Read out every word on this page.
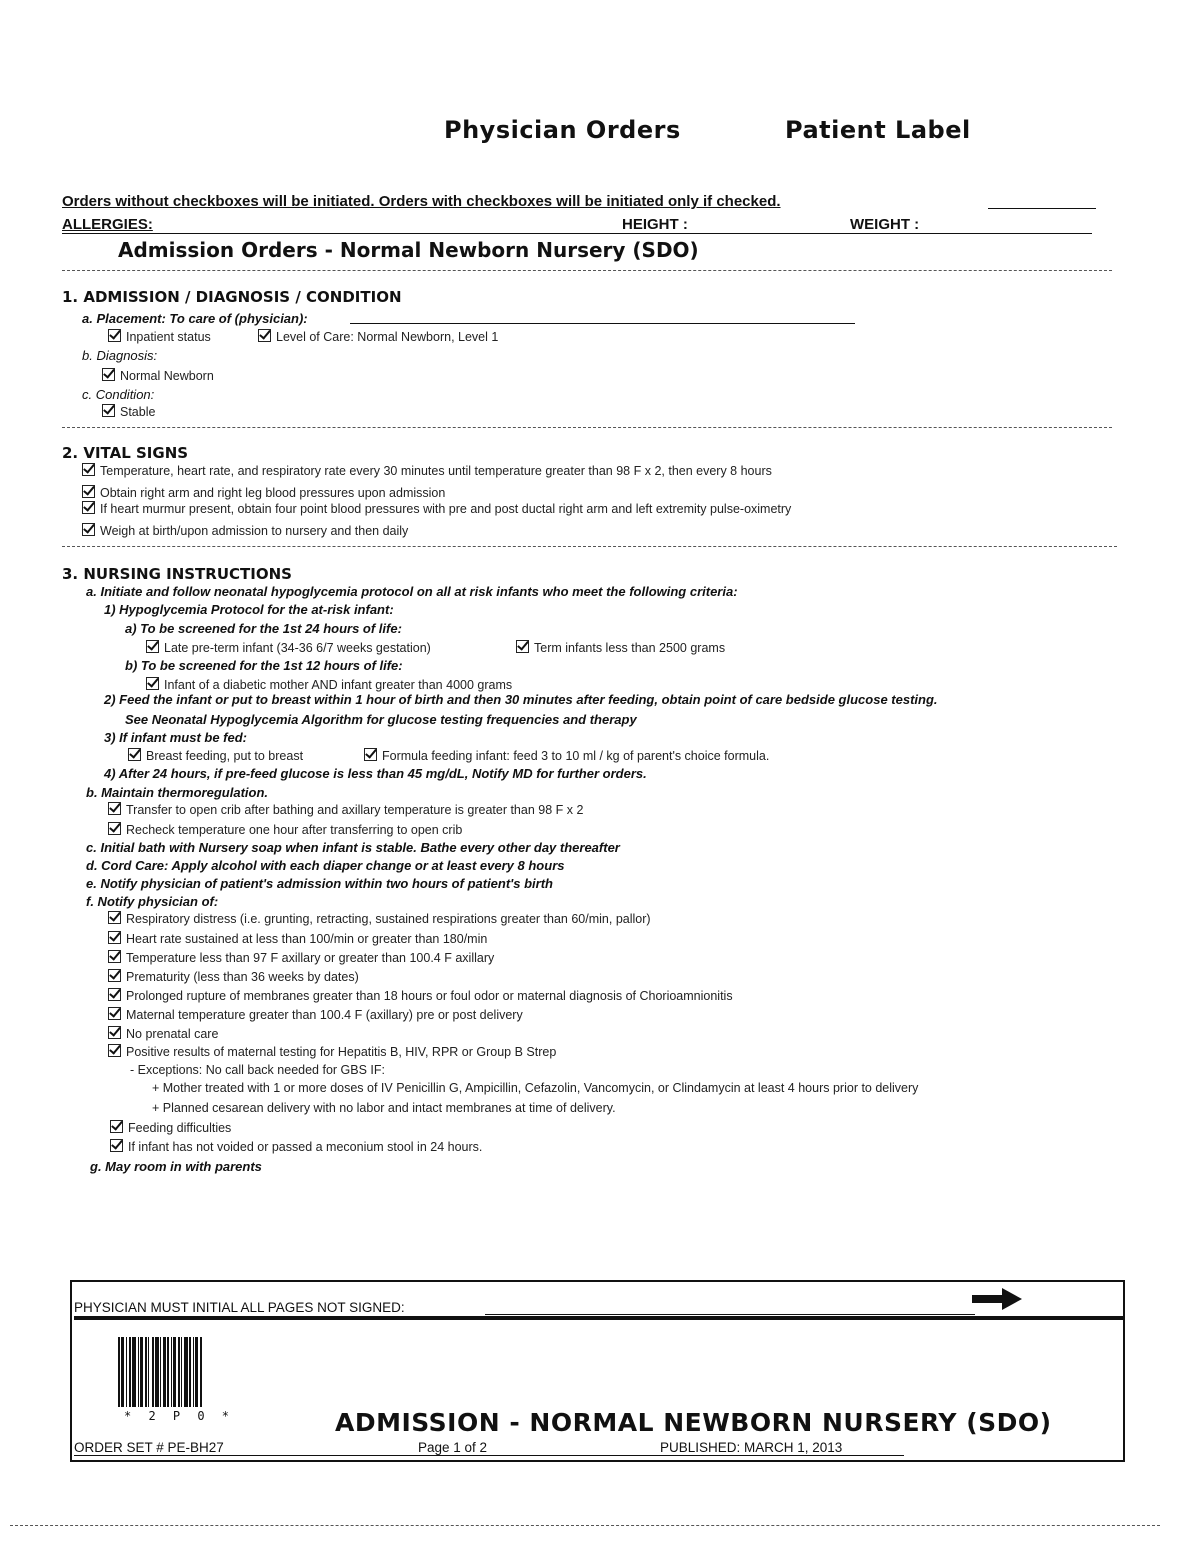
Physician Orders	Patient Label
Orders without checkboxes will be initiated. Orders with checkboxes will be initiated only if checked.
ALLERGIES:	HEIGHT :	WEIGHT :
Admission Orders - Normal Newborn Nursery (SDO)
1. ADMISSION / DIAGNOSIS / CONDITION
a. Placement: To care of (physician):
Inpatient status	Level of Care: Normal Newborn, Level 1
b. Diagnosis:
Normal Newborn
c. Condition:
Stable
2. VITAL SIGNS
Temperature, heart rate, and respiratory rate every 30 minutes until temperature greater than 98 F x 2, then every 8 hours
Obtain right arm and right leg blood pressures upon admission
If heart murmur present, obtain four point blood pressures with pre and post ductal right arm and left extremity pulse-oximetry
Weigh at birth/upon admission to nursery and then daily
3. NURSING INSTRUCTIONS
a. Initiate and follow neonatal hypoglycemia protocol on all at risk infants who meet the following criteria:
1) Hypoglycemia Protocol for the at-risk infant:
a) To be screened for the 1st 24 hours of life:
Late pre-term infant (34-36 6/7 weeks gestation)	Term infants less than 2500 grams
b) To be screened for the 1st 12 hours of life:
Infant of a diabetic mother AND infant greater than 4000 grams
2) Feed the infant or put to breast within 1 hour of birth and then 30 minutes after feeding, obtain point of care bedside glucose testing.
See Neonatal Hypoglycemia Algorithm for glucose testing frequencies and therapy
3) If infant must be fed:
Breast feeding, put to breast	Formula feeding infant: feed 3 to 10 ml / kg of parent's choice formula.
4) After 24 hours, if pre-feed glucose is less than 45 mg/dL, Notify MD for further orders.
b. Maintain thermoregulation.
Transfer to open crib after bathing and axillary temperature is greater than 98 F x 2
Recheck temperature one hour after transferring to open crib
c. Initial bath with Nursery soap when infant is stable. Bathe every other day thereafter
d. Cord Care: Apply alcohol with each diaper change or at least every 8 hours
e. Notify physician of patient's admission within two hours of patient's birth
f. Notify physician of:
Respiratory distress (i.e. grunting, retracting, sustained respirations greater than 60/min, pallor)
Heart rate sustained at less than 100/min or greater than 180/min
Temperature less than 97 F axillary or greater than 100.4 F axillary
Prematurity (less than 36 weeks by dates)
Prolonged rupture of membranes greater than 18 hours or foul odor or maternal diagnosis of Chorioamnionitis
Maternal temperature greater than 100.4 F (axillary) pre or post delivery
No prenatal care
Positive results of maternal testing for Hepatitis B, HIV, RPR or Group B Strep
- Exceptions: No call back needed for GBS IF:
+ Mother treated with 1 or more doses of IV Penicillin G, Ampicillin, Cefazolin, Vancomycin, or Clindamycin at least 4 hours prior to delivery
+ Planned cesarean delivery with no labor and intact membranes at time of delivery.
Feeding difficulties
If infant has not voided or passed a meconium stool in 24 hours.
g. May room in with parents
PHYSICIAN MUST INITIAL ALL PAGES NOT SIGNED:
* 2 P 0 *	ADMISSION - NORMAL NEWBORN NURSERY (SDO)
ORDER SET # PE-BH27	Page 1 of 2	PUBLISHED: MARCH 1, 2013
